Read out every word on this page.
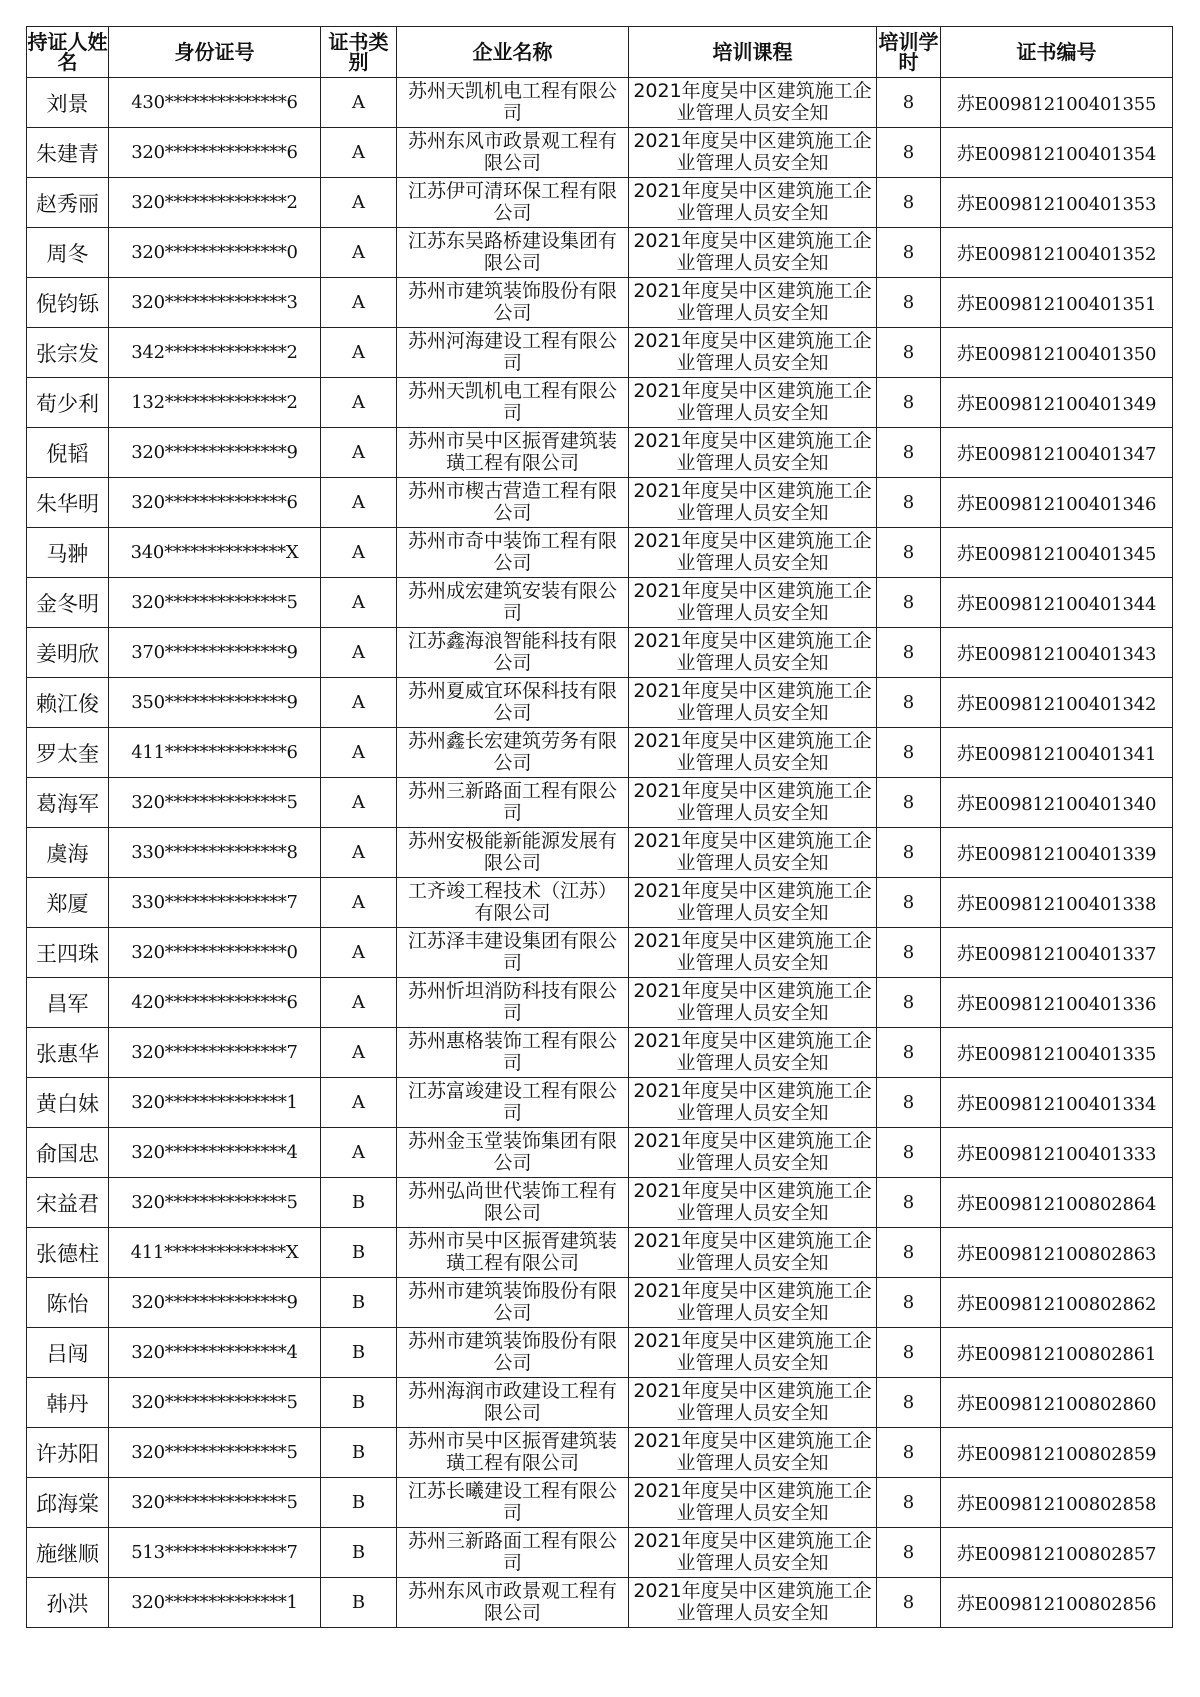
持证人姓名	身份证号	证书类别	企业名称	培训课程	培训学时	证书编号
刘景	430**************6	A	苏州天凯机电工程有限公司	2021年度吴中区建筑施工企业管理人员安全知	8	苏E009812100401355
朱建青	320**************6	A	苏州东风市政景观工程有限公司	2021年度吴中区建筑施工企业管理人员安全知	8	苏E009812100401354
赵秀丽	320**************2	A	江苏伊可清环保工程有限公司	2021年度吴中区建筑施工企业管理人员安全知	8	苏E009812100401353
周冬	320**************0	A	江苏东吴路桥建设集团有限公司	2021年度吴中区建筑施工企业管理人员安全知	8	苏E009812100401352
倪钧铄	320**************3	A	苏州市建筑装饰股份有限公司	2021年度吴中区建筑施工企业管理人员安全知	8	苏E009812100401351
张宗发	342**************2	A	苏州河海建设工程有限公司	2021年度吴中区建筑施工企业管理人员安全知	8	苏E009812100401350
荀少利	132**************2	A	苏州天凯机电工程有限公司	2021年度吴中区建筑施工企业管理人员安全知	8	苏E009812100401349
倪韬	320**************9	A	苏州市吴中区振胥建筑装璜工程有限公司	2021年度吴中区建筑施工企业管理人员安全知	8	苏E009812100401347
朱华明	320**************6	A	苏州市楔古营造工程有限公司	2021年度吴中区建筑施工企业管理人员安全知	8	苏E009812100401346
马翀	340**************X	A	苏州市奇中装饰工程有限公司	2021年度吴中区建筑施工企业管理人员安全知	8	苏E009812100401345
金冬明	320**************5	A	苏州成宏建筑安装有限公司	2021年度吴中区建筑施工企业管理人员安全知	8	苏E009812100401344
姜明欣	370**************9	A	江苏鑫海浪智能科技有限公司	2021年度吴中区建筑施工企业管理人员安全知	8	苏E009812100401343
赖江俊	350**************9	A	苏州夏威宜环保科技有限公司	2021年度吴中区建筑施工企业管理人员安全知	8	苏E009812100401342
罗太奎	411**************6	A	苏州鑫长宏建筑劳务有限公司	2021年度吴中区建筑施工企业管理人员安全知	8	苏E009812100401341
葛海军	320**************5	A	苏州三新路面工程有限公司	2021年度吴中区建筑施工企业管理人员安全知	8	苏E009812100401340
虞海	330**************8	A	苏州安极能新能源发展有限公司	2021年度吴中区建筑施工企业管理人员安全知	8	苏E009812100401339
郑厦	330**************7	A	工齐竣工程技术（江苏）有限公司	2021年度吴中区建筑施工企业管理人员安全知	8	苏E009812100401338
王四珠	320**************0	A	江苏泽丰建设集团有限公司	2021年度吴中区建筑施工企业管理人员安全知	8	苏E009812100401337
昌军	420**************6	A	苏州忻坦消防科技有限公司	2021年度吴中区建筑施工企业管理人员安全知	8	苏E009812100401336
张惠华	320**************7	A	苏州惠格装饰工程有限公司	2021年度吴中区建筑施工企业管理人员安全知	8	苏E009812100401335
黄白妹	320**************1	A	江苏富竣建设工程有限公司	2021年度吴中区建筑施工企业管理人员安全知	8	苏E009812100401334
俞国忠	320**************4	A	苏州金玉堂装饰集团有限公司	2021年度吴中区建筑施工企业管理人员安全知	8	苏E009812100401333
宋益君	320**************5	B	苏州弘尚世代装饰工程有限公司	2021年度吴中区建筑施工企业管理人员安全知	8	苏E009812100802864
张德柱	411**************X	B	苏州市吴中区振胥建筑装璜工程有限公司	2021年度吴中区建筑施工企业管理人员安全知	8	苏E009812100802863
陈怡	320**************9	B	苏州市建筑装饰股份有限公司	2021年度吴中区建筑施工企业管理人员安全知	8	苏E009812100802862
吕闯	320**************4	B	苏州市建筑装饰股份有限公司	2021年度吴中区建筑施工企业管理人员安全知	8	苏E009812100802861
韩丹	320**************5	B	苏州海润市政建设工程有限公司	2021年度吴中区建筑施工企业管理人员安全知	8	苏E009812100802860
许苏阳	320**************5	B	苏州市吴中区振胥建筑装璜工程有限公司	2021年度吴中区建筑施工企业管理人员安全知	8	苏E009812100802859
邱海棠	320**************5	B	江苏长曦建设工程有限公司	2021年度吴中区建筑施工企业管理人员安全知	8	苏E009812100802858
施继顺	513**************7	B	苏州三新路面工程有限公司	2021年度吴中区建筑施工企业管理人员安全知	8	苏E009812100802857
孙洪	320**************1	B	苏州东风市政景观工程有限公司	2021年度吴中区建筑施工企业管理人员安全知	8	苏E009812100802856
